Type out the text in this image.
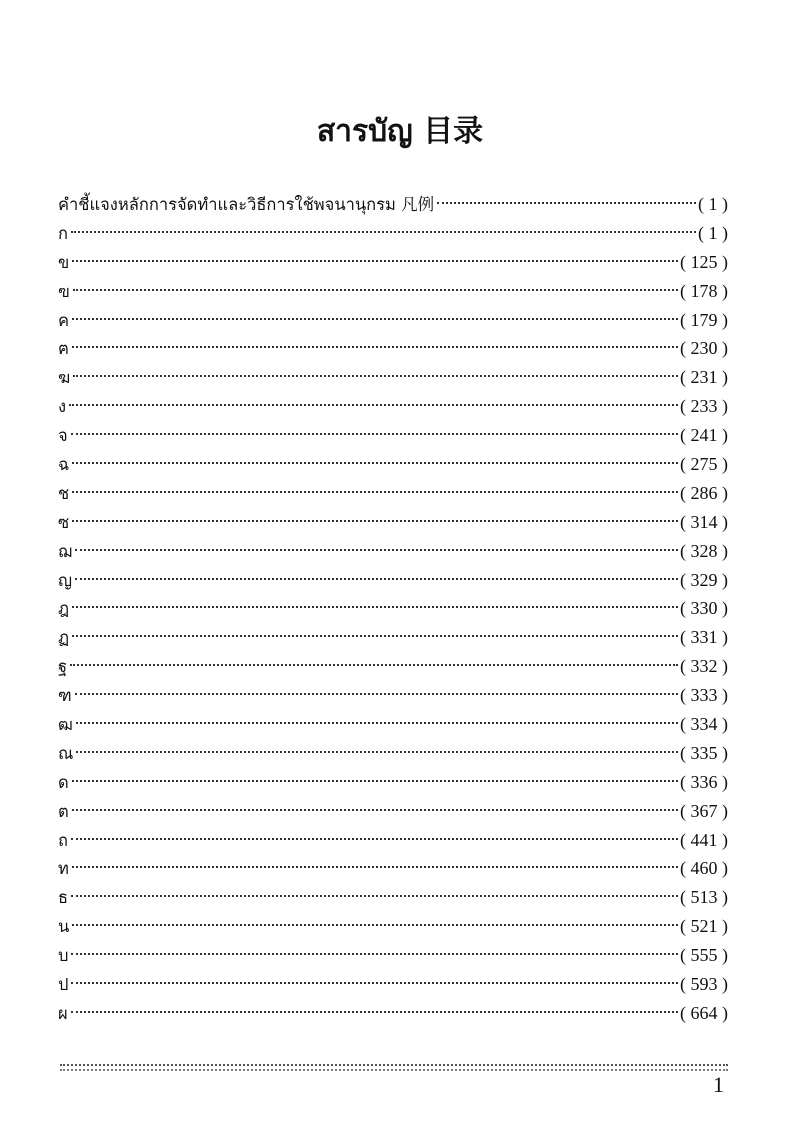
สารบัญ 目录
คำชี้แจงหลักการจัดทำและวิธีการใช้พจนานุกรม 凡例	( 1 )
ก	( 1 )
ข	( 125 )
ฃ	( 178 )
ค	( 179 )
ฅ	( 230 )
ฆ	( 231 )
ง	( 233 )
จ	( 241 )
ฉ	( 275 )
ช	( 286 )
ซ	( 314 )
ฌ	( 328 )
ญ	( 329 )
ฎ	( 330 )
ฏ	( 331 )
ฐ	( 332 )
ฑ	( 333 )
ฒ	( 334 )
ณ	( 335 )
ด	( 336 )
ต	( 367 )
ถ	( 441 )
ท	( 460 )
ธ	( 513 )
น	( 521 )
บ	( 555 )
ป	( 593 )
ผ	( 664 )
1
